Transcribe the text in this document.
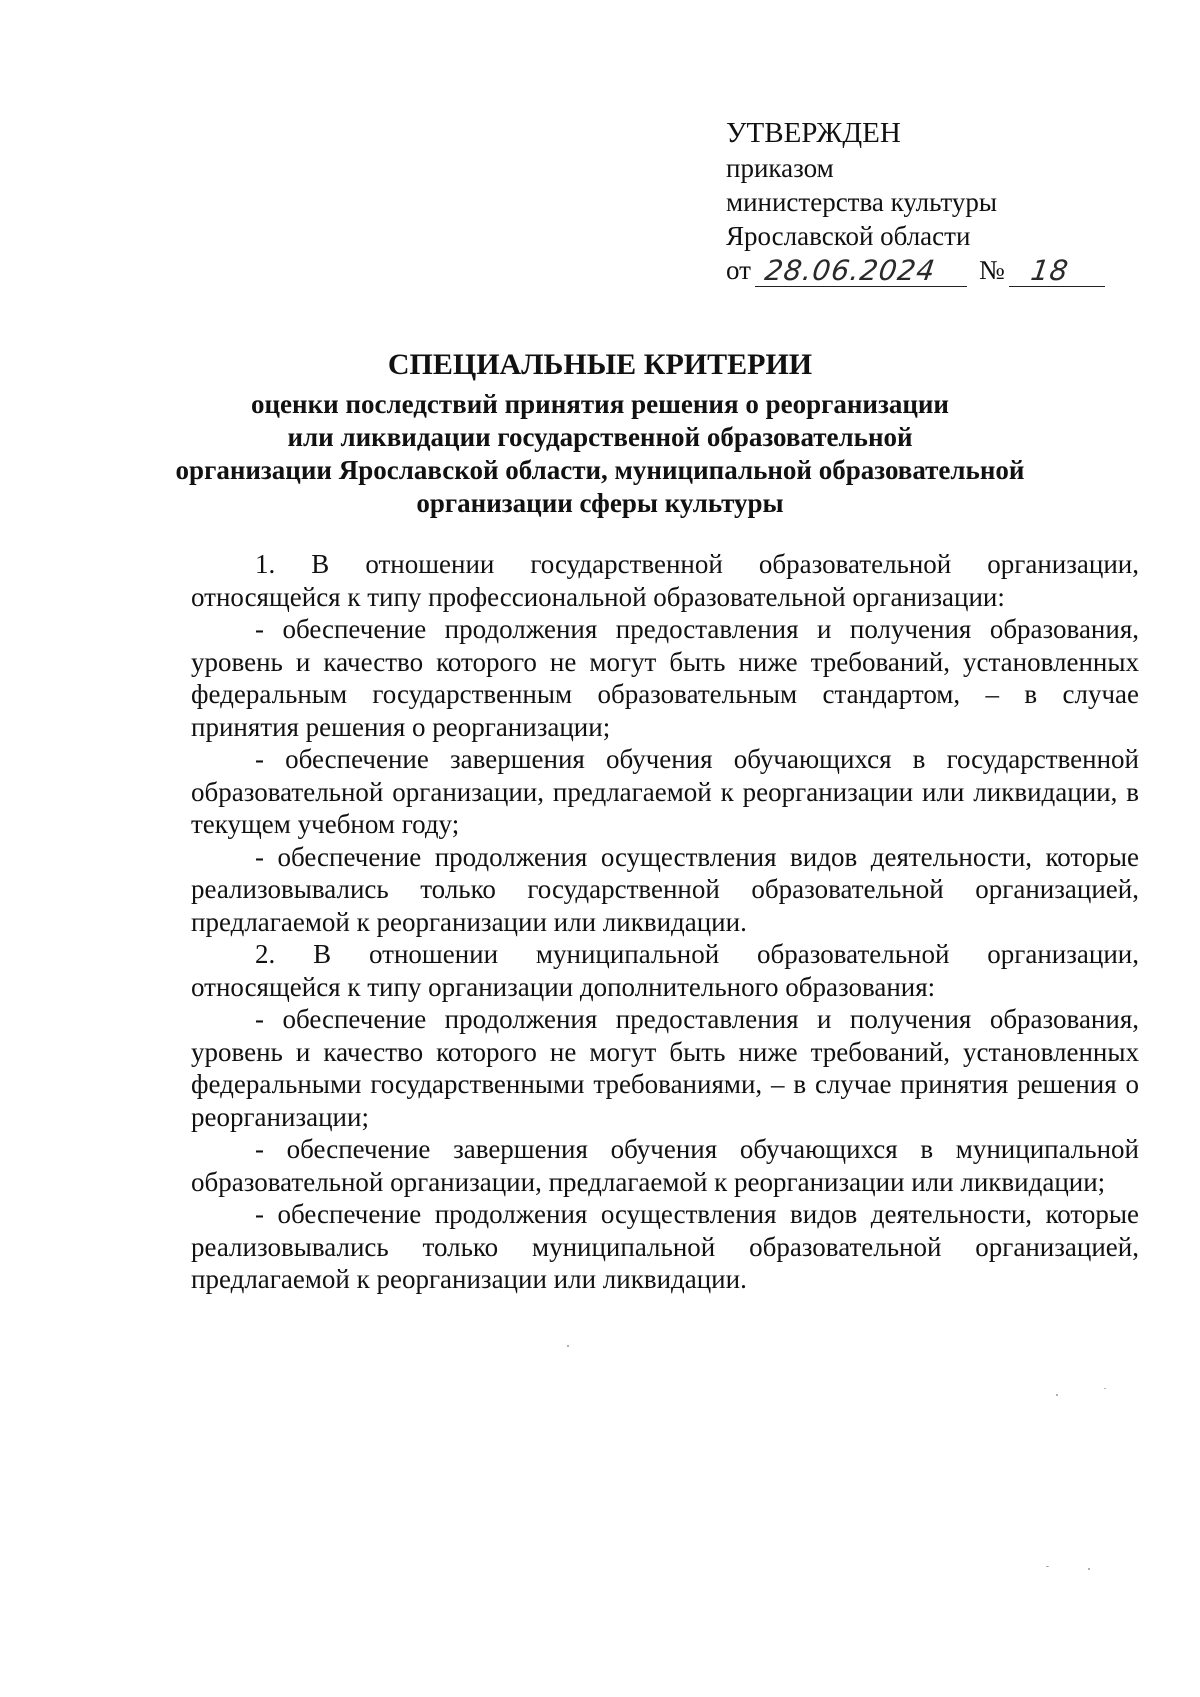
УТВЕРЖДЕН
приказом
министерства культуры
Ярославской области
от 28.06.2024 № 18
СПЕЦИАЛЬНЫЕ КРИТЕРИИ
оценки последствий принятия решения о реорганизации
или ликвидации государственной образовательной
организации Ярославской области, муниципальной образовательной
организации сферы культуры

1. В отношении государственной образовательной организации, относящейся к типу профессиональной образовательной организации:

- обеспечение продолжения предоставления и получения образования, уровень и качество которого не могут быть ниже требований, установленных федеральным государственным образовательным стандартом, – в случае принятия решения о реорганизации;

- обеспечение завершения обучения обучающихся в государственной образовательной организации, предлагаемой к реорганизации или ликвидации, в текущем учебном году;

- обеспечение продолжения осуществления видов деятельности, которые реализовывались только государственной образовательной организацией, предлагаемой к реорганизации или ликвидации.

2. В отношении муниципальной образовательной организации, относящейся к типу организации дополнительного образования:

- обеспечение продолжения предоставления и получения образования, уровень и качество которого не могут быть ниже требований, установленных федеральными государственными требованиями, – в случае принятия решения о реорганизации;

- обеспечение завершения обучения обучающихся в муниципальной образовательной организации, предлагаемой к реорганизации или ликвидации;

- обеспечение продолжения осуществления видов деятельности, которые реализовывались только муниципальной образовательной организацией, предлагаемой к реорганизации или ликвидации.
